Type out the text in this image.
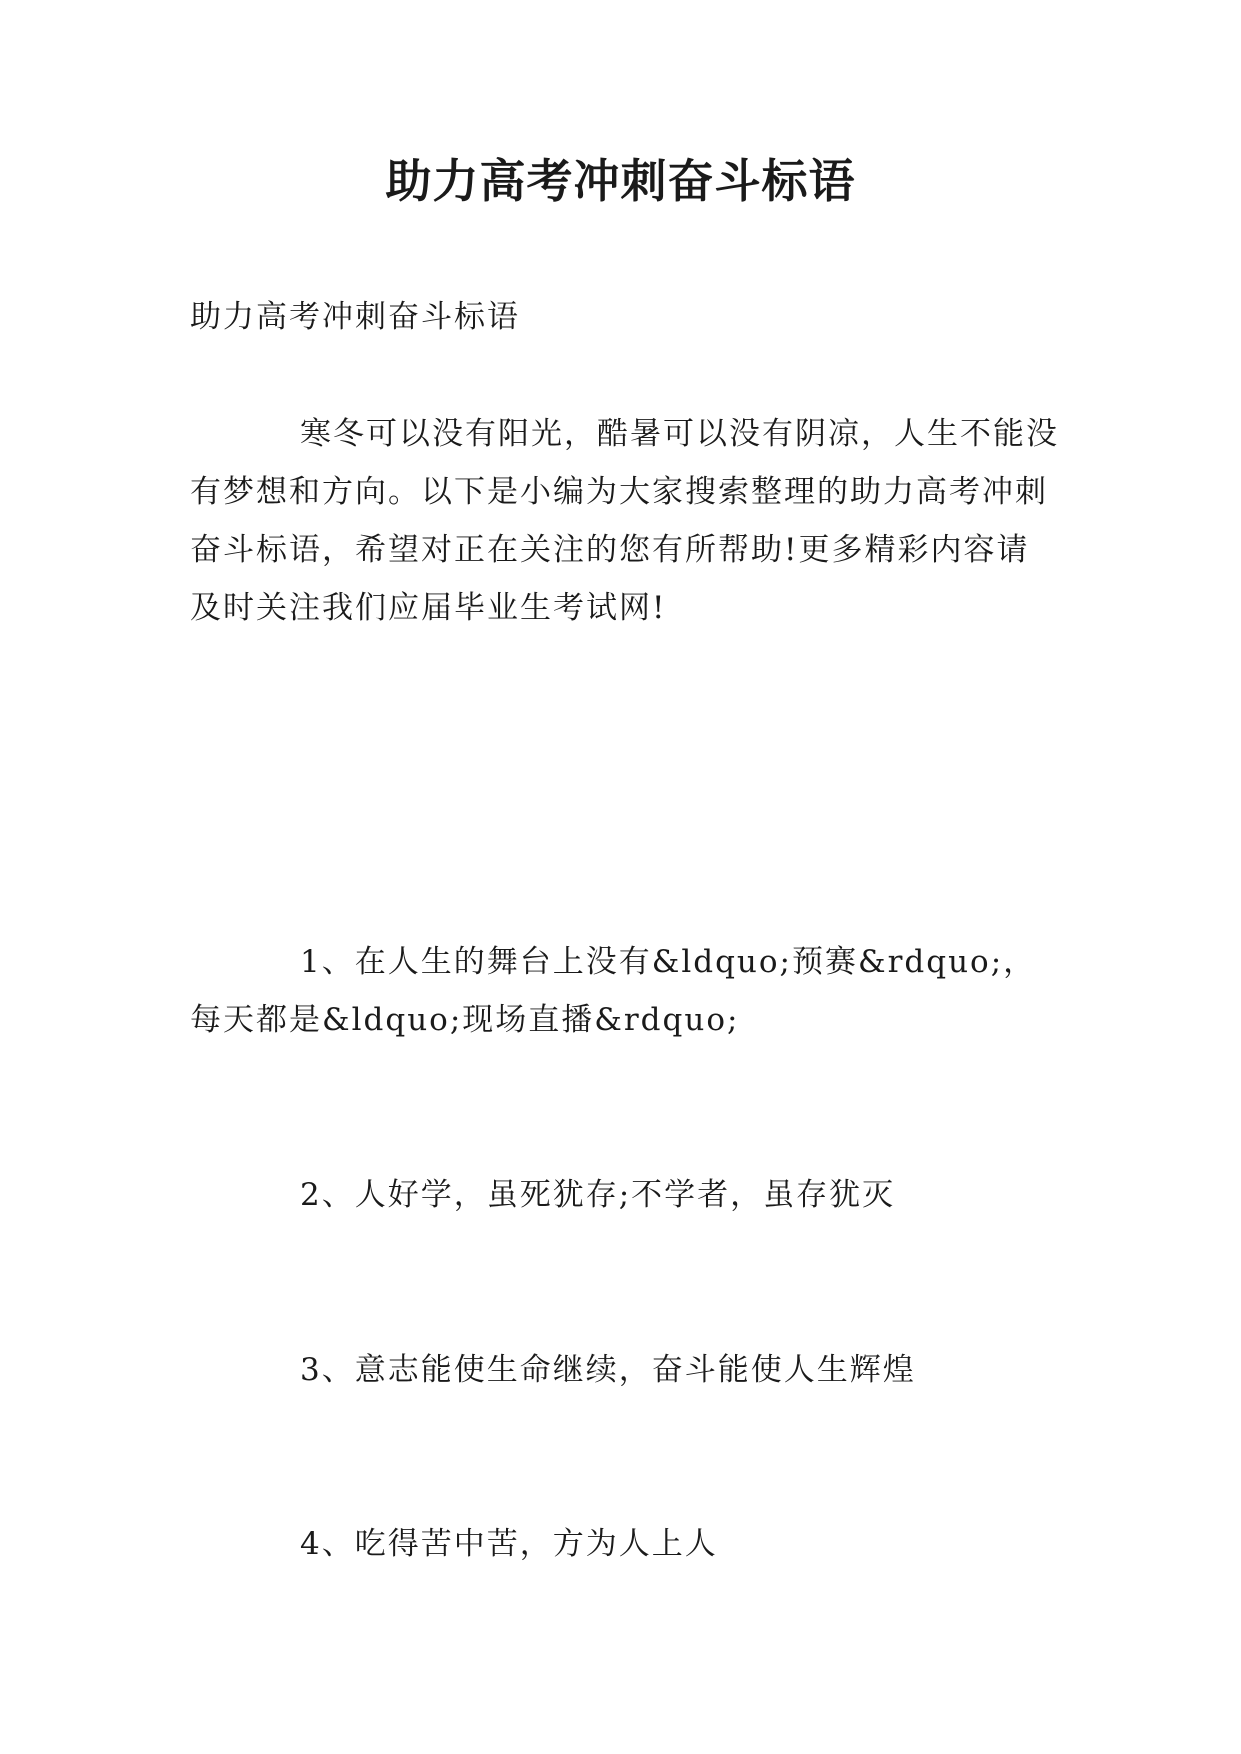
助力高考冲刺奋斗标语

助力高考冲刺奋斗标语

寒冬可以没有阳光，酷暑可以没有阴凉，人生不能没有梦想和方向。以下是小编为大家搜索整理的助力高考冲刺奋斗标语，希望对正在关注的您有所帮助!更多精彩内容请及时关注我们应届毕业生考试网!

1、在人生的舞台上没有&ldquo;预赛&rdquo;，每天都是&ldquo;现场直播&rdquo;

2、人好学，虽死犹存;不学者，虽存犹灭

3、意志能使生命继续，奋斗能使人生辉煌

4、吃得苦中苦，方为人上人
